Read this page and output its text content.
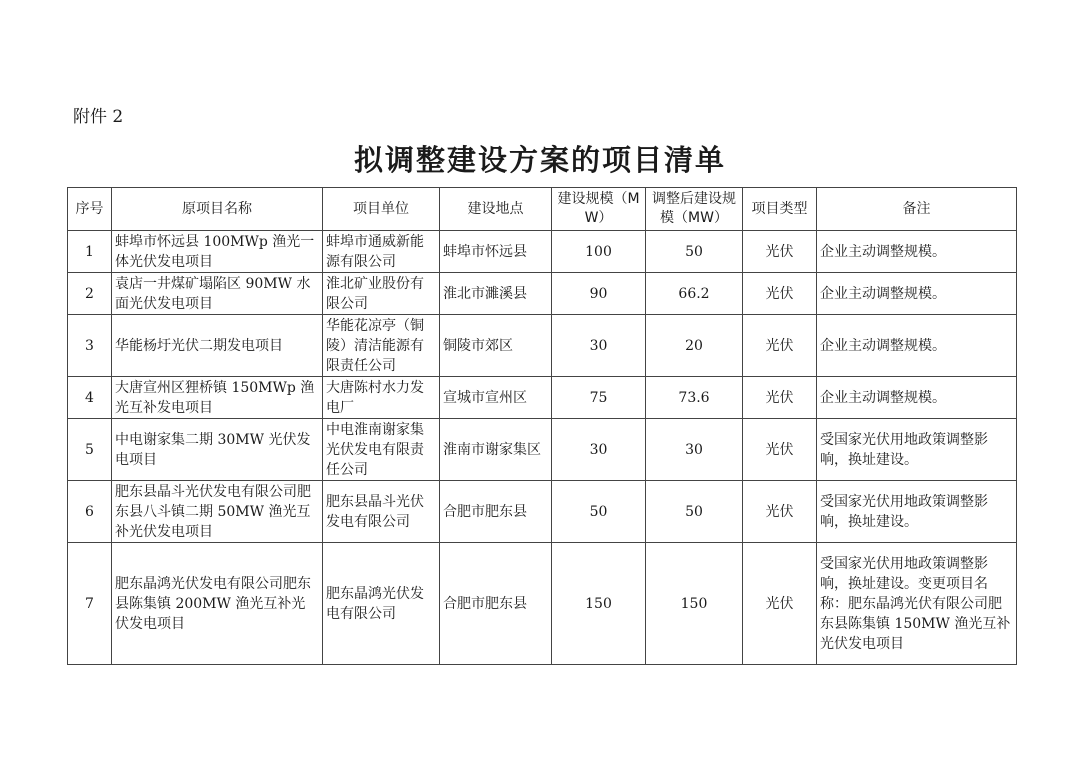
附件 2
拟调整建设方案的项目清单
序号	原项目名称	项目单位	建设地点	建设规模（MW）	调整后建设规模（MW）	项目类型	备注
1	蚌埠市怀远县 100MWp 渔光一体光伏发电项目	蚌埠市通威新能源有限公司	蚌埠市怀远县	100	50	光伏	企业主动调整规模。
2	袁店一井煤矿塌陷区 90MW 水面光伏发电项目	淮北矿业股份有限公司	淮北市濉溪县	90	66.2	光伏	企业主动调整规模。
3	华能杨圩光伏二期发电项目	华能花凉亭（铜陵）清洁能源有限责任公司	铜陵市郊区	30	20	光伏	企业主动调整规模。
4	大唐宣州区狸桥镇 150MWp 渔光互补发电项目	大唐陈村水力发电厂	宣城市宣州区	75	73.6	光伏	企业主动调整规模。
5	中电谢家集二期 30MW 光伏发电项目	中电淮南谢家集光伏发电有限责任公司	淮南市谢家集区	30	30	光伏	受国家光伏用地政策调整影响，换址建设。
6	肥东县晶斗光伏发电有限公司肥东县八斗镇二期 50MW 渔光互补光伏发电项目	肥东县晶斗光伏发电有限公司	合肥市肥东县	50	50	光伏	受国家光伏用地政策调整影响，换址建设。
7	肥东晶鸿光伏发电有限公司肥东县陈集镇 200MW 渔光互补光伏发电项目	肥东晶鸿光伏发电有限公司	合肥市肥东县	150	150	光伏	受国家光伏用地政策调整影响，换址建设。变更项目名称：肥东晶鸿光伏有限公司肥东县陈集镇 150MW 渔光互补光伏发电项目
